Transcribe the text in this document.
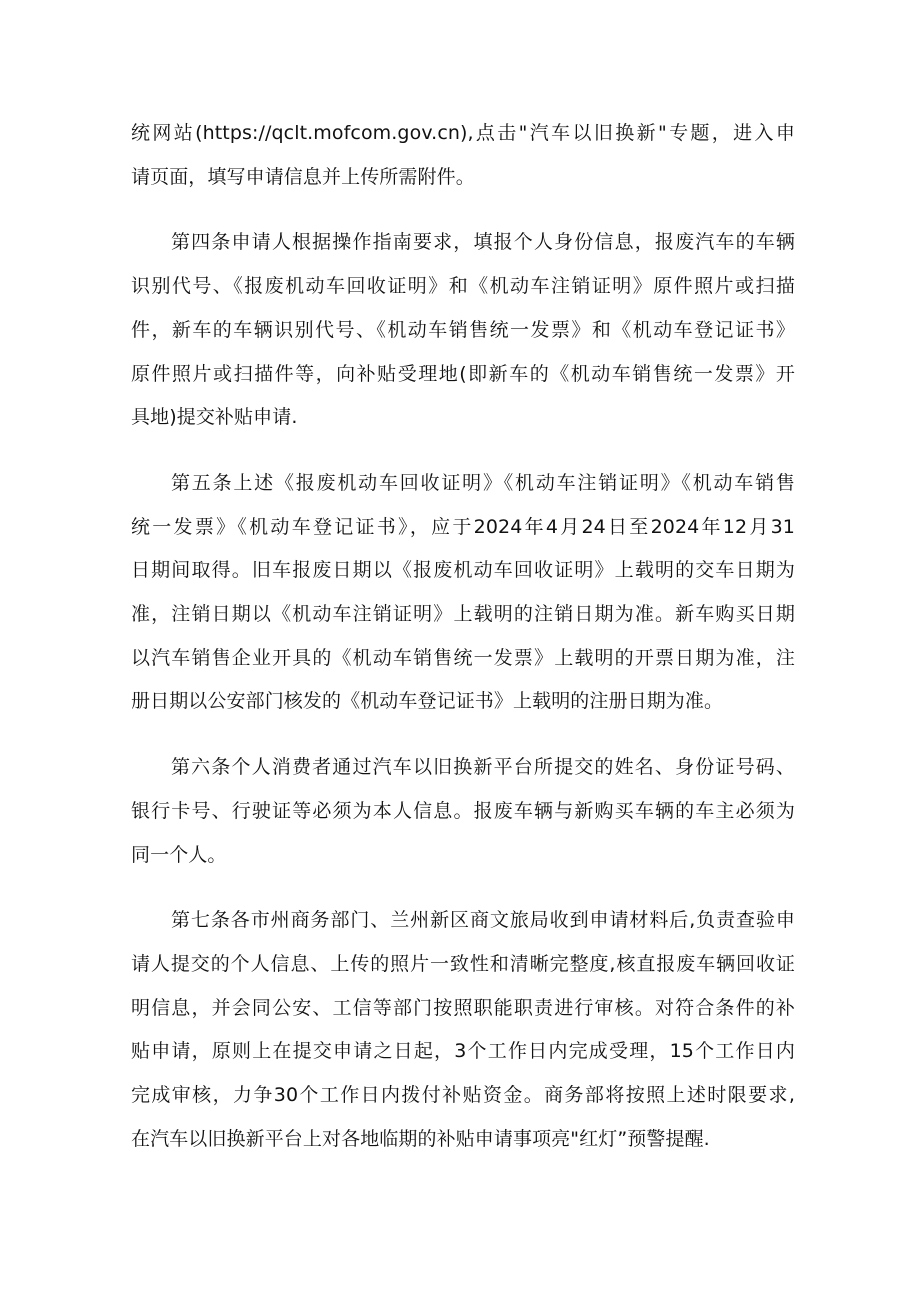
统网站(https://qclt.mofcom.gov.cn),点击"汽车以旧换新"专题，进入申
请页面，填写申请信息并上传所需附件。
第四条申请人根据操作指南要求，填报个人身份信息，报废汽车的车辆
识别代号、《报废机动车回收证明》和《机动车注销证明》原件照片或扫描
件，新车的车辆识别代号、《机动车销售统一发票》和《机动车登记证书》
原件照片或扫描件等，向补贴受理地(即新车的《机动车销售统一发票》开
具地)提交补贴申请.
第五条上述《报废机动车回收证明》《机动车注销证明》《机动车销售
统一发票》《机动车登记证书》，应于2024年4月24日至2024年12月31
日期间取得。旧车报废日期以《报废机动车回收证明》上载明的交车日期为
准，注销日期以《机动车注销证明》上载明的注销日期为准。新车购买日期
以汽车销售企业开具的《机动车销售统一发票》上载明的开票日期为准，注
册日期以公安部门核发的《机动车登记证书》上载明的注册日期为准。
第六条个人消费者通过汽车以旧换新平台所提交的姓名、身份证号码、
银行卡号、行驶证等必须为本人信息。报废车辆与新购买车辆的车主必须为
同一个人。
第七条各市州商务部门、兰州新区商文旅局收到申请材料后,负责查验申
请人提交的个人信息、上传的照片一致性和清晰完整度,核直报废车辆回收证
明信息，并会同公安、工信等部门按照职能职责进行审核。对符合条件的补
贴申请，原则上在提交申请之日起，3个工作日内完成受理，15个工作日内
完成审核，力争30个工作日内拨付补贴资金。商务部将按照上述时限要求,
在汽车以旧换新平台上对各地临期的补贴申请事项亮"红灯”预警提醒.
